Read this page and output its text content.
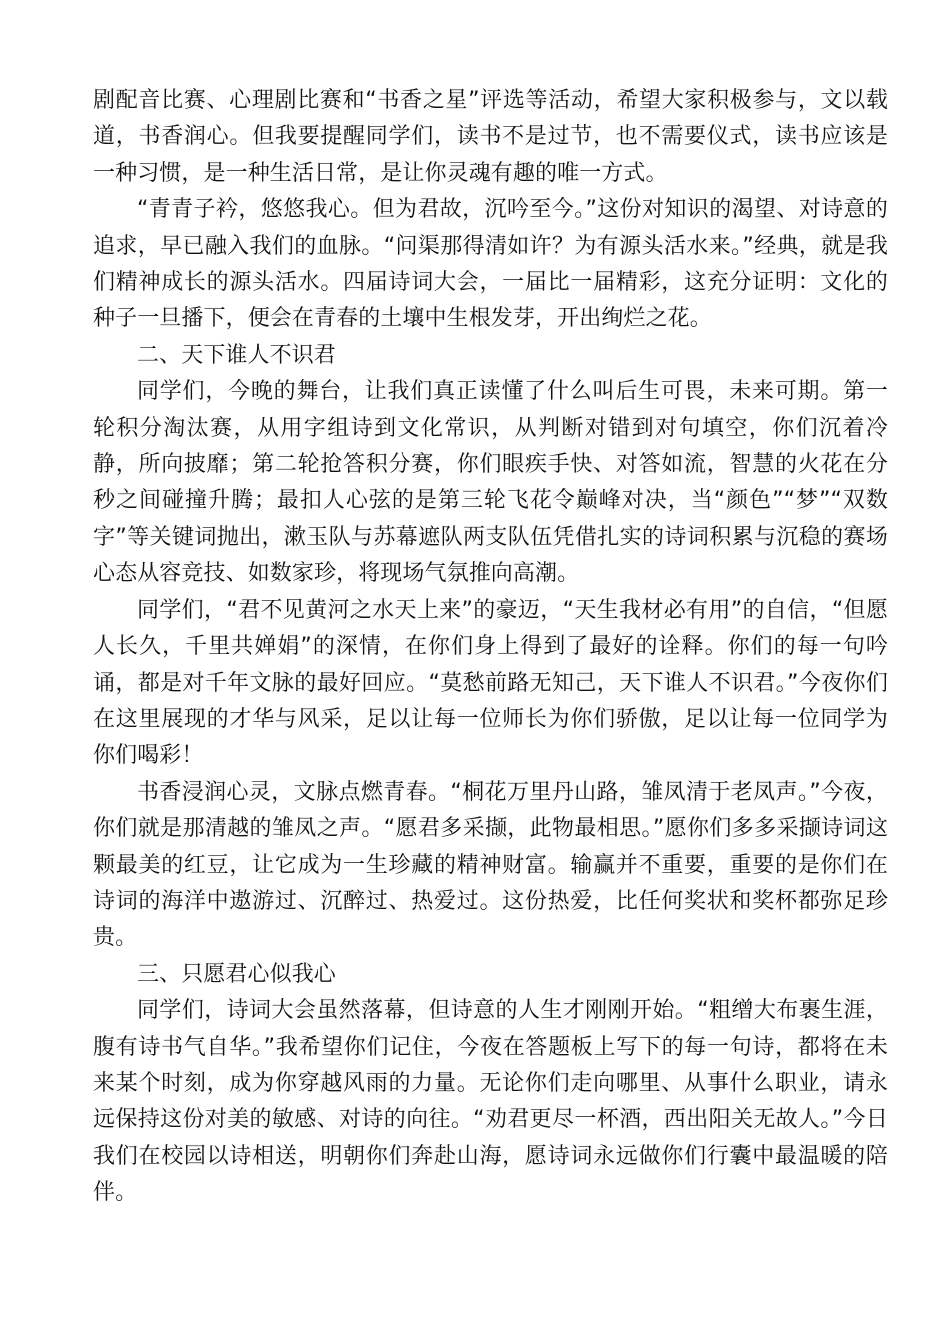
剧配音比赛、心理剧比赛和“书香之星”评选等活动，希望大家积极参与，文以载道，书香润心。但我要提醒同学们，读书不是过节，也不需要仪式，读书应该是一种习惯，是一种生活日常，是让你灵魂有趣的唯一方式。

“青青子衿，悠悠我心。但为君故，沉吟至今。”这份对知识的渴望、对诗意的追求，早已融入我们的血脉。“问渠那得清如许？为有源头活水来。”经典，就是我们精神成长的源头活水。四届诗词大会，一届比一届精彩，这充分证明：文化的种子一旦播下，便会在青春的土壤中生根发芽，开出绚烂之花。

二、天下谁人不识君

同学们，今晚的舞台，让我们真正读懂了什么叫后生可畏，未来可期。第一轮积分淘汰赛，从用字组诗到文化常识，从判断对错到对句填空，你们沉着冷静，所向披靡；第二轮抢答积分赛，你们眼疾手快、对答如流，智慧的火花在分秒之间碰撞升腾；最扣人心弦的是第三轮飞花令巅峰对决，当“颜色”“梦”“双数字”等关键词抛出，漱玉队与苏幕遮队两支队伍凭借扎实的诗词积累与沉稳的赛场心态从容竞技、如数家珍，将现场气氛推向高潮。

同学们，“君不见黄河之水天上来”的豪迈，“天生我材必有用”的自信，“但愿人长久，千里共婵娟”的深情，在你们身上得到了最好的诠释。你们的每一句吟诵，都是对千年文脉的最好回应。“莫愁前路无知己，天下谁人不识君。”今夜你们在这里展现的才华与风采，足以让每一位师长为你们骄傲，足以让每一位同学为你们喝彩！

书香浸润心灵，文脉点燃青春。“桐花万里丹山路，雏凤清于老凤声。”今夜，你们就是那清越的雏凤之声。“愿君多采撷，此物最相思。”愿你们多多采撷诗词这颗最美的红豆，让它成为一生珍藏的精神财富。输赢并不重要，重要的是你们在诗词的海洋中遨游过、沉醉过、热爱过。这份热爱，比任何奖状和奖杯都弥足珍贵。

三、只愿君心似我心

同学们，诗词大会虽然落幕，但诗意的人生才刚刚开始。“粗缯大布裹生涯，腹有诗书气自华。”我希望你们记住，今夜在答题板上写下的每一句诗，都将在未来某个时刻，成为你穿越风雨的力量。无论你们走向哪里、从事什么职业，请永远保持这份对美的敏感、对诗的向往。“劝君更尽一杯酒，西出阳关无故人。”今日我们在校园以诗相送，明朝你们奔赴山海，愿诗词永远做你们行囊中最温暖的陪伴。
